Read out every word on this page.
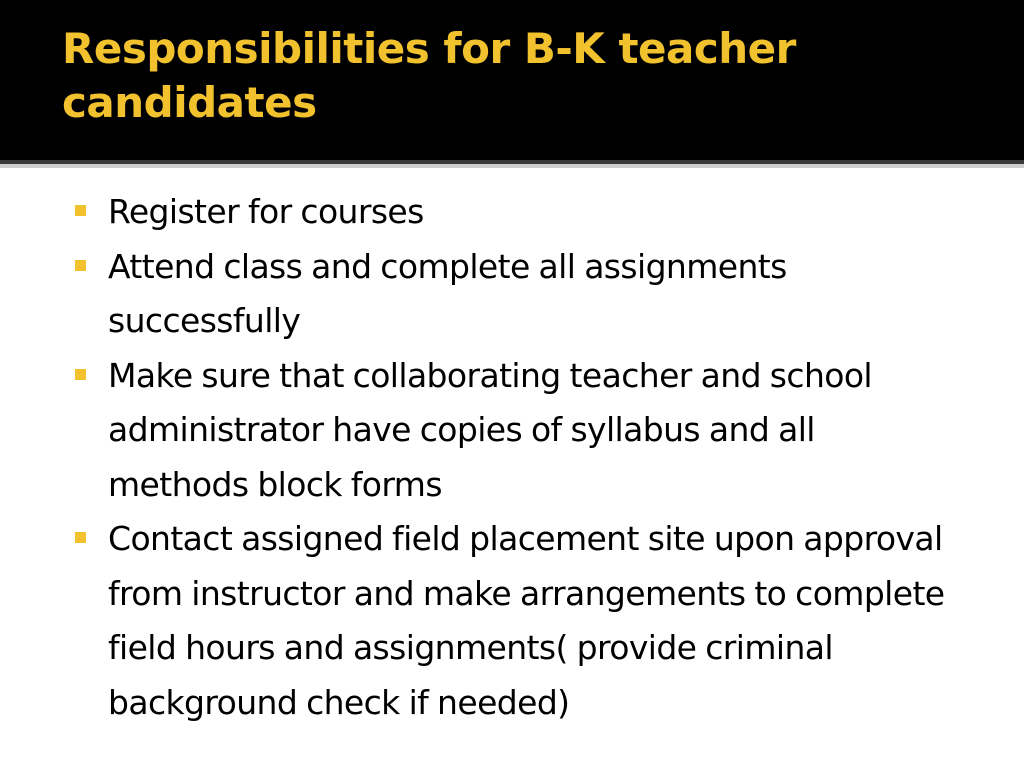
Responsibilities for B-K teacher candidates
Register for courses
Attend class and complete all assignments successfully
Make sure that collaborating teacher and school administrator have copies of syllabus and all methods block forms
Contact assigned field placement site upon approval from instructor and make arrangements to complete field hours and assignments( provide criminal background check if needed)
